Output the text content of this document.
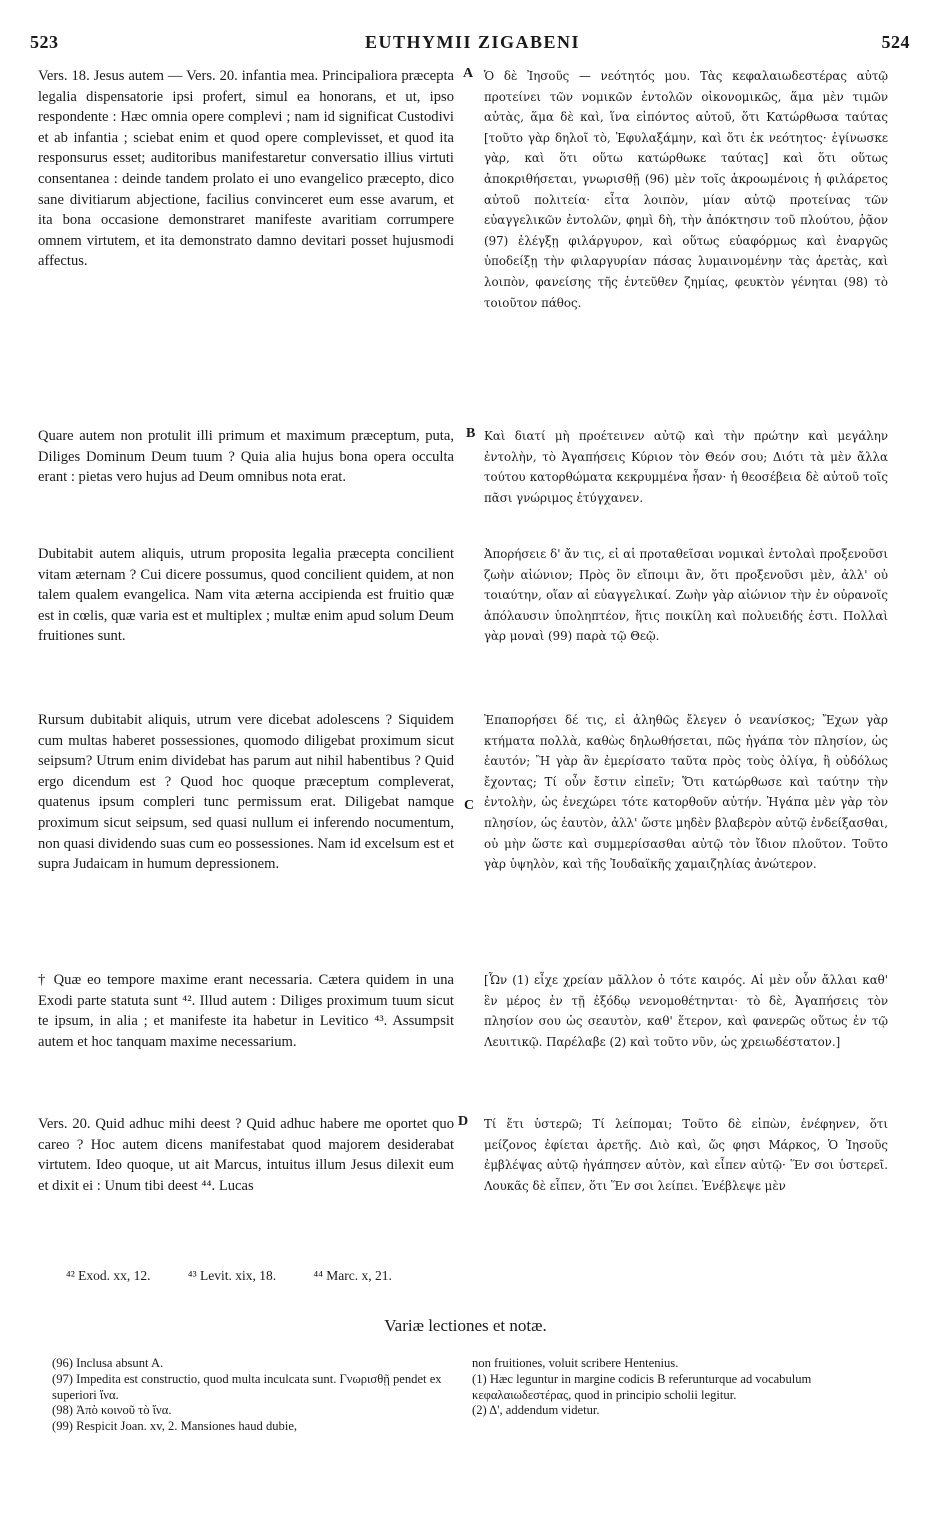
523	EUTHYMII ZIGABENI	524
A
B
C
D

Vers. 18. Jesus autem — Vers. 20. infantia mea. Principaliora præcepta legalia dispensatorie ipsi profert, simul ea honorans, et ut, ipso respondente : Hæc omnia opere complevi ; nam id significat Custodivi et ab infantia ; sciebat enim et quod opere complevisset, et quod ita responsurus esset; auditoribus manifestaretur conversatio illius virtuti consentanea : deinde tandem prolato ei uno evangelico præcepto, dico sane divitiarum abjectione, facilius convinceret eum esse avarum, et ita bona occasione demonstraret manifeste avaritiam corrumpere omnem virtutem, et ita demonstrato damno devitari posset hujusmodi affectus.

Quare autem non protulit illi primum et maximum præceptum, puta, Diliges Dominum Deum tuum ? Quia alia hujus bona opera occulta erant : pietas vero hujus ad Deum omnibus nota erat.

Dubitabit autem aliquis, utrum proposita legalia præcepta concilient vitam æternam ? Cui dicere possumus, quod concilient quidem, at non talem qualem evangelica. Nam vita æterna accipienda est fruitio quæ est in cœlis, quæ varia est et multiplex ; multæ enim apud solum Deum fruitiones sunt.

Rursum dubitabit aliquis, utrum vere dicebat adolescens ? Siquidem cum multas haberet possessiones, quomodo diligebat proximum sicut seipsum? Utrum enim dividebat has parum aut nihil habentibus ? Quid ergo dicendum est ? Quod hoc quoque præceptum compleverat, quatenus ipsum compleri tunc permissum erat. Diligebat namque proximum sicut seipsum, sed quasi nullum ei inferendo nocumentum, non quasi dividendo suas cum eo possessiones. Nam id excelsum est et supra Judaicam in humum depressionem.

† Quæ eo tempore maxime erant necessaria. Cætera quidem in una Exodi parte statuta sunt ⁴². Illud autem : Diliges proximum tuum sicut te ipsum, in alia ; et manifeste ita habetur in Levitico ⁴³. Assumpsit autem et hoc tanquam maxime necessarium.

Vers. 20. Quid adhuc mihi deest ? Quid adhuc habere me oportet quo careo ? Hoc autem dicens manifestabat quod majorem desiderabat virtutem. Ideo quoque, ut ait Marcus, intuitus illum Jesus dilexit eum et dixit ei : Unum tibi deest ⁴⁴. Lucas

Ὁ δὲ Ἰησοῦς — νεότητός μου. Τὰς κεφαλαιωδεστέρας αὐτῷ προτείνει τῶν νομικῶν ἐντολῶν οἰκονομικῶς, ἅμα μὲν τιμῶν αὐτὰς, ἅμα δὲ καὶ, ἵνα εἰπόντος αὐτοῦ, ὅτι Κατώρθωσα ταύτας [τοῦτο γὰρ δηλοῖ τὸ, Ἐφυλαξάμην, καὶ ὅτι ἐκ νεότητος· ἐγίνωσκε γὰρ, καὶ ὅτι οὕτω κατώρθωκε ταύτας] καὶ ὅτι οὕτως ἀποκριθήσεται, γνωρισθῇ (96) μὲν τοῖς ἀκροωμένοις ἡ φιλάρετος αὐτοῦ πολιτεία· εἶτα λοιπὸν, μίαν αὐτῷ προτείνας τῶν εὐαγγελικῶν ἐντολῶν, φημὶ δὴ, τὴν ἀπόκτησιν τοῦ πλούτου, ῥᾷον (97) ἐλέγξῃ φιλάργυρον, καὶ οὕτως εὐαφόρμως καὶ ἐναργῶς ὑποδείξῃ τὴν φιλαργυρίαν πάσας λυμαινομένην τὰς ἀρετὰς, καὶ λοιπὸν, φανείσης τῆς ἐντεῦθεν ζημίας, φευκτὸν γένηται (98) τὸ τοιοῦτον πάθος.

Καὶ διατί μὴ προέτεινεν αὐτῷ καὶ τὴν πρώτην καὶ μεγάλην ἐντολὴν, τὸ Ἀγαπήσεις Κύριον τὸν Θεόν σου; Διότι τὰ μὲν ἄλλα τούτου κατορθώματα κεκρυμμένα ἦσαν· ἡ θεοσέβεια δὲ αὐτοῦ τοῖς πᾶσι γνώριμος ἐτύγχανεν.

Ἀπορήσειε δ' ἄν τις, εἰ αἱ προταθεῖσαι νομικαὶ ἐντολαὶ προξενοῦσι ζωὴν αἰώνιον; Πρὸς ὃν εἴποιμι ἂν, ὅτι προξενοῦσι μὲν, ἀλλ' οὐ τοιαύτην, οἵαν αἱ εὐαγγελικαί. Ζωὴν γὰρ αἰώνιον τὴν ἐν οὐρανοῖς ἀπόλαυσιν ὑποληπτέον, ἥτις ποικίλη καὶ πολυειδής ἐστι. Πολλαὶ γὰρ μοναὶ (99) παρὰ τῷ Θεῷ.

Ἐπαπορήσει δέ τις, εἰ ἀληθῶς ἔλεγεν ὁ νεανίσκος; Ἔχων γὰρ κτήματα πολλὰ, καθὼς δηλωθήσεται, πῶς ἠγάπα τὸν πλησίον, ὡς ἑαυτόν; Ἢ γὰρ ἂν ἐμερίσατο ταῦτα πρὸς τοὺς ὀλίγα, ἢ οὐδόλως ἔχοντας; Τί οὖν ἔστιν εἰπεῖν; Ὅτι κατώρθωσε καὶ ταύτην τὴν ἐντολὴν, ὡς ἐνεχώρει τότε κατορθοῦν αὐτήν. Ἠγάπα μὲν γὰρ τὸν πλησίον, ὡς ἑαυτὸν, ἀλλ' ὥστε μηδὲν βλαβερὸν αὐτῷ ἐνδείξασθαι, οὐ μὴν ὥστε καὶ συμμερίσασθαι αὐτῷ τὸν ἴδιον πλοῦτον. Τοῦτο γὰρ ὑψηλὸν, καὶ τῆς Ἰουδαϊκῆς χαμαιζηλίας ἀνώτερον.

[Ὧν (1) εἶχε χρείαν μᾶλλον ὁ τότε καιρός. Αἱ μὲν οὖν ἄλλαι καθ' ἓν μέρος ἐν τῇ ἐξόδῳ νενομοθέτηνται· τὸ δὲ, Ἀγαπήσεις τὸν πλησίον σου ὡς σεαυτὸν, καθ' ἕτερον, καὶ φανερῶς οὕτως ἐν τῷ Λευιτικῷ. Παρέλαβε (2) καὶ τοῦτο νῦν, ὡς χρειωδέστατον.]

Τί ἔτι ὑστερῶ; Τί λείπομαι; Τοῦτο δὲ εἰπὼν, ἐνέφηνεν, ὅτι μείζονος ἐφίεται ἀρετῆς. Διὸ καὶ, ὥς φησι Μάρκος, Ὁ Ἰησοῦς ἐμβλέψας αὐτῷ ἠγάπησεν αὐτὸν, καὶ εἶπεν αὐτῷ· Ἕν σοι ὑστερεῖ. Λουκᾶς δὲ εἶπεν, ὅτι Ἕν σοι λείπει. Ἐνέβλεψε μὲν

⁴² Exod. xx, 12.	⁴³ Levit. xix, 18.	⁴⁴ Marc. x, 21.
Variæ lectiones et notæ.

(96) Inclusa absunt A.

(97) Impedita est constructio, quod multa inculcata sunt. Γνωρισθῇ pendet ex superiori ἵνα.

(98) Ἀπὸ κοινοῦ τὸ ἵνα.

(99) Respicit Joan. xv, 2. Mansiones haud dubie,

non fruitiones, voluit scribere Hentenius.

(1) Hæc leguntur in margine codicis B referunturque ad vocabulum κεφαλαιωδεστέρας, quod in principio scholii legitur.

(2) Δ', addendum videtur.
